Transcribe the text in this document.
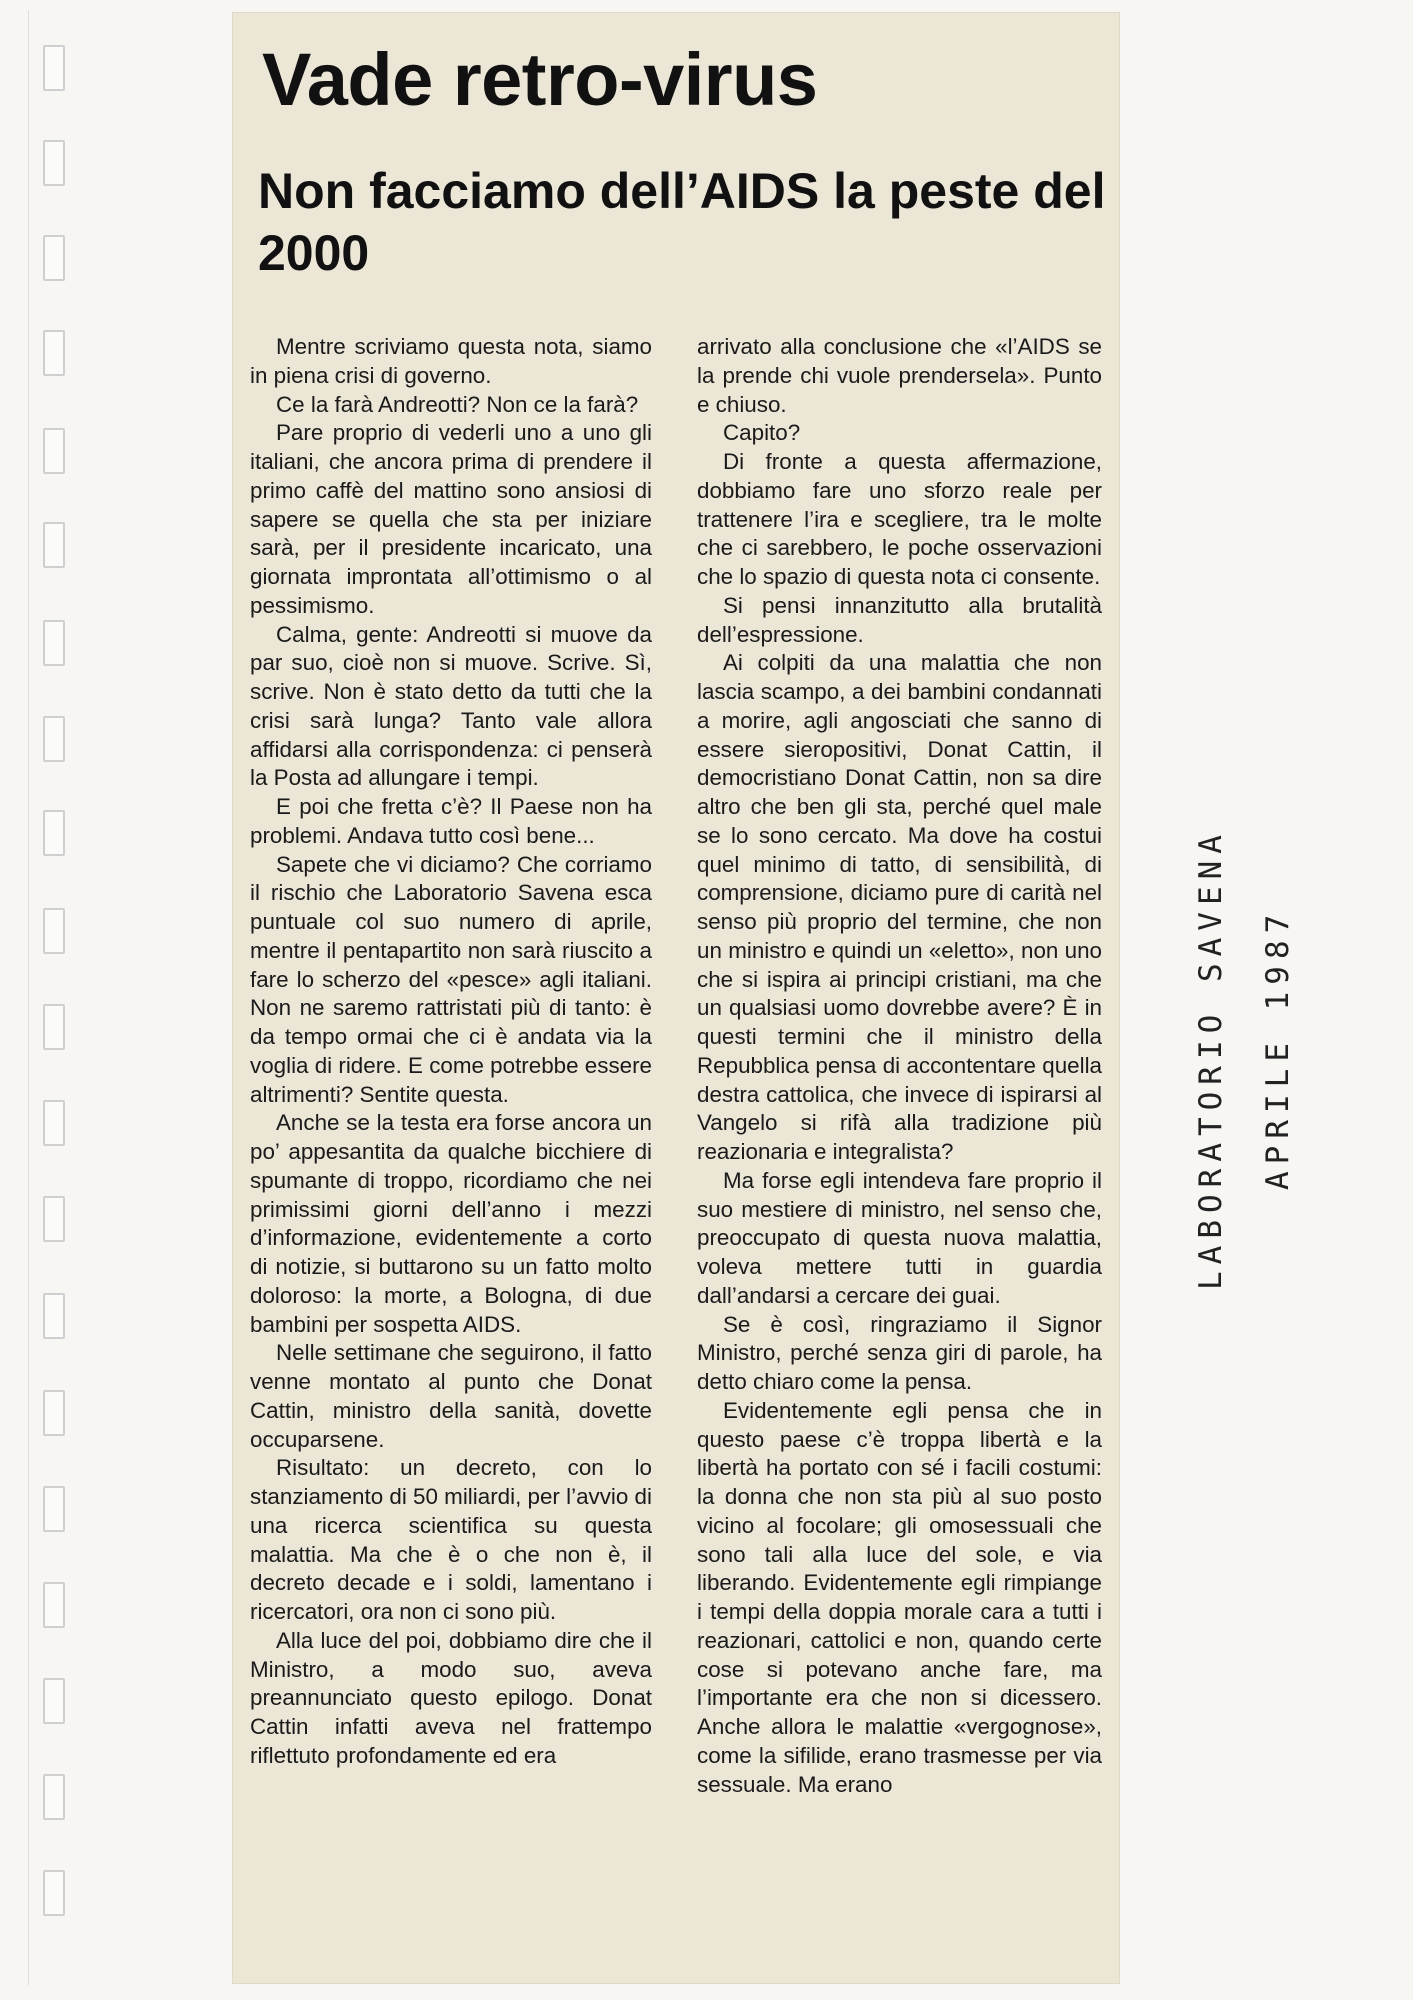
Vade retro-virus
Non facciamo dell’AIDS la peste del 2000

Mentre scriviamo questa nota, siamo in piena crisi di governo.

Ce la farà Andreotti? Non ce la farà?

Pare proprio di vederli uno a uno gli italiani, che ancora prima di prendere il primo caffè del mattino sono ansiosi di sapere se quella che sta per iniziare sarà, per il presidente incaricato, una giornata improntata all’ottimismo o al pessimismo.

Calma, gente: Andreotti si muove da par suo, cioè non si muove. Scrive. Sì, scrive. Non è stato detto da tutti che la crisi sarà lunga? Tanto vale allora affidarsi alla corrispondenza: ci penserà la Posta ad allungare i tempi.

E poi che fretta c’è? Il Paese non ha problemi. Andava tutto così bene...

Sapete che vi diciamo? Che corriamo il rischio che Laboratorio Savena esca puntuale col suo numero di aprile, mentre il pentapartito non sarà riuscito a fare lo scherzo del «pesce» agli italiani. Non ne saremo rattristati più di tanto: è da tempo ormai che ci è andata via la voglia di ridere. E come potrebbe essere altrimenti? Sentite questa.

Anche se la testa era forse ancora un po’ appesantita da qualche bicchiere di spumante di troppo, ricordiamo che nei primissimi giorni dell’anno i mezzi d’informazione, evidentemente a corto di notizie, si buttarono su un fatto molto doloroso: la morte, a Bologna, di due bambini per sospetta AIDS.

Nelle settimane che seguirono, il fatto venne montato al punto che Donat Cattin, ministro della sanità, dovette occuparsene.

Risultato: un decreto, con lo stanziamento di 50 miliardi, per l’avvio di una ricerca scientifica su questa malattia. Ma che è o che non è, il decreto decade e i soldi, lamentano i ricercatori, ora non ci sono più.

Alla luce del poi, dobbiamo dire che il Ministro, a modo suo, aveva preannunciato questo epilogo. Donat Cattin infatti aveva nel frattempo riflettuto profondamente ed era

arrivato alla conclusione che «l’AIDS se la prende chi vuole prendersela». Punto e chiuso.

Capito?

Di fronte a questa affermazione, dobbiamo fare uno sforzo reale per trattenere l’ira e scegliere, tra le molte che ci sarebbero, le poche osservazioni che lo spazio di questa nota ci consente.

Si pensi innanzitutto alla brutalità dell’espressione.

Ai colpiti da una malattia che non lascia scampo, a dei bambini condannati a morire, agli angosciati che sanno di essere sieropositivi, Donat Cattin, il democristiano Donat Cattin, non sa dire altro che ben gli sta, perché quel male se lo sono cercato. Ma dove ha costui quel minimo di tatto, di sensibilità, di comprensione, diciamo pure di carità nel senso più proprio del termine, che non un ministro e quindi un «eletto», non uno che si ispira ai principi cristiani, ma che un qualsiasi uomo dovrebbe avere? È in questi termini che il ministro della Repubblica pensa di accontentare quella destra cattolica, che invece di ispirarsi al Vangelo si rifà alla tradizione più reazionaria e integralista?

Ma forse egli intendeva fare proprio il suo mestiere di ministro, nel senso che, preoccupato di questa nuova malattia, voleva mettere tutti in guardia dall’andarsi a cercare dei guai.

Se è così, ringraziamo il Signor Ministro, perché senza giri di parole, ha detto chiaro come la pensa.

Evidentemente egli pensa che in questo paese c’è troppa libertà e la libertà ha portato con sé i facili costumi: la donna che non sta più al suo posto vicino al focolare; gli omosessuali che sono tali alla luce del sole, e via liberando. Evidentemente egli rimpiange i tempi della doppia morale cara a tutti i reazionari, cattolici e non, quando certe cose si potevano anche fare, ma l’importante era che non si dicessero. Anche allora le malattie «vergognose», come la sifilide, erano trasmesse per via sessuale. Ma erano

LABORATORIO SAVENA APRILE 1987
